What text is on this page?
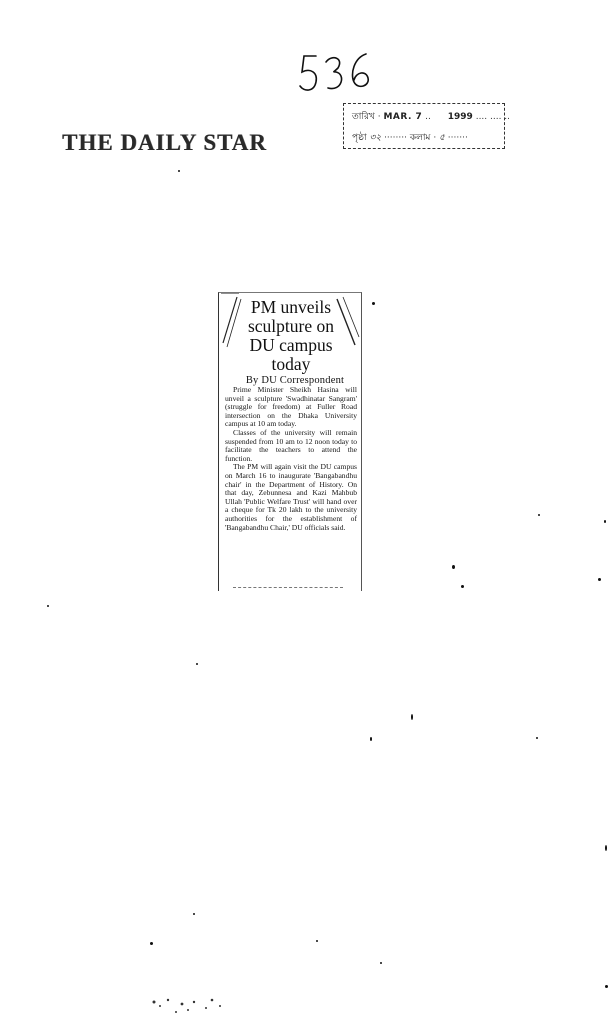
THE DAILY STAR
তারিখ · MAR. 7 .. 1999 .... .... ..
পৃষ্ঠা ৩২ ········ কলাম · ৫ ·······
PM unveils sculpture on DU campus today
By DU Correspondent

Prime Minister Sheikh Hasina will unveil a sculpture 'Swadhinatar Sangram' (struggle for freedom) at Fuller Road intersection on the Dhaka University campus at 10 am today.

Classes of the university will remain suspended from 10 am to 12 noon today to facilitate the teachers to attend the function.

The PM will again visit the DU campus on March 16 to inaugurate 'Bangabandhu chair' in the Department of History. On that day, Zebunnesa and Kazi Mahbub Ullah 'Public Welfare Trust' will hand over a cheque for Tk 20 lakh to the university authorities for the establishment of 'Bangabandhu Chair,' DU officials said.
